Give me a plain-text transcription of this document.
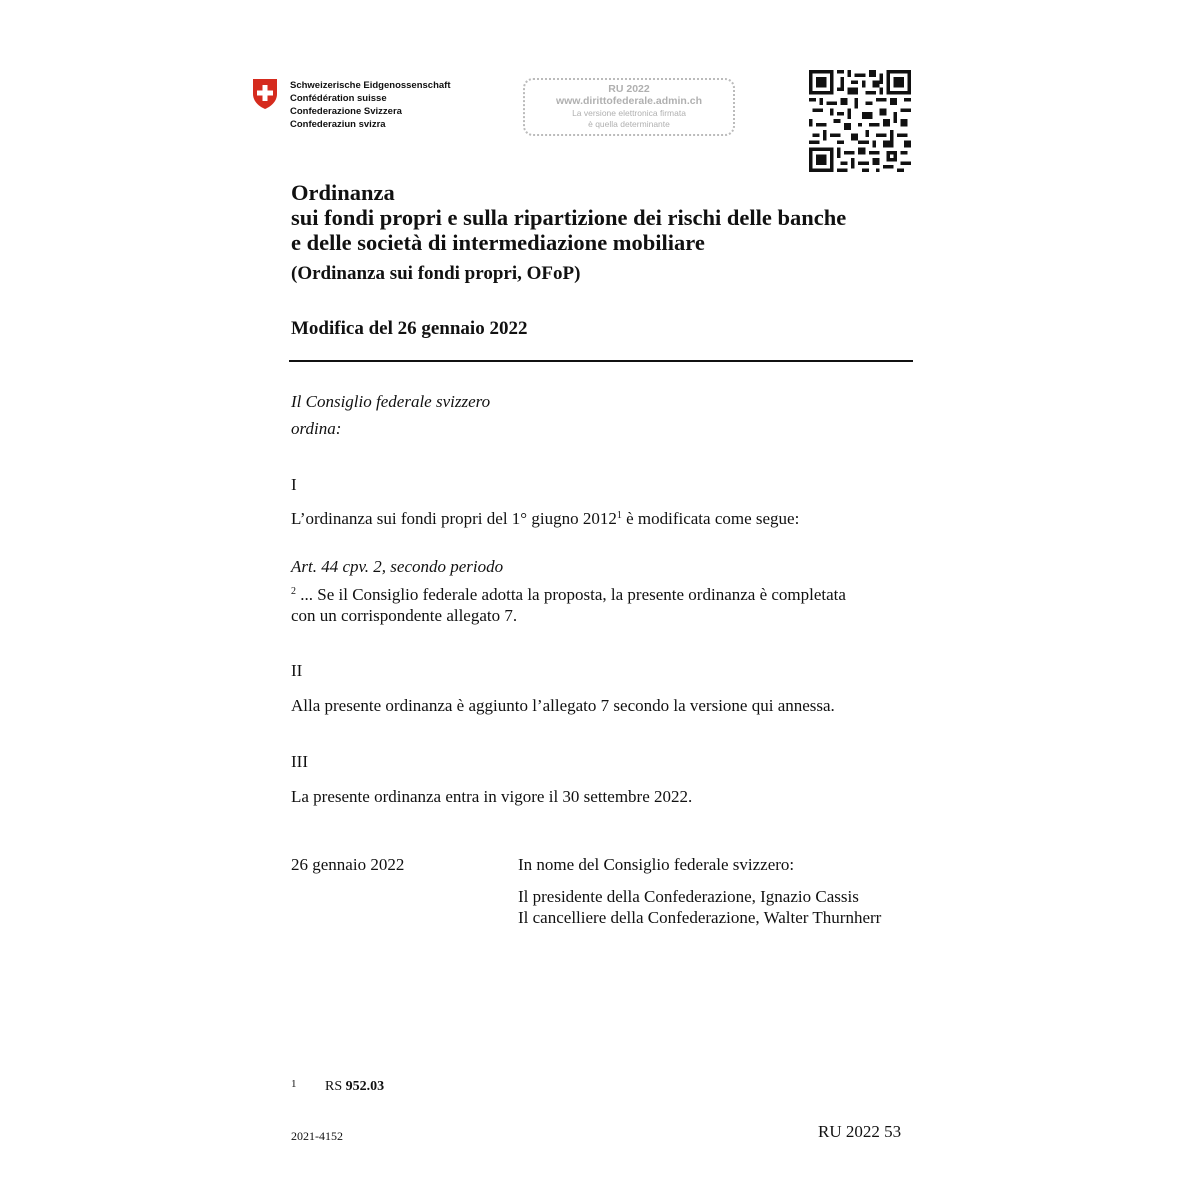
Schweizerische Eidgenossenschaft
Confédération suisse
Confederazione Svizzera
Confederaziun svizra
RU 2022
www.dirittofederale.admin.ch
La versione elettronica firmata
è quella determinante
Ordinanza
sui fondi propri e sulla ripartizione dei rischi delle banche
e delle società di intermediazione mobiliare
(Ordinanza sui fondi propri, OFoP)
Modifica del 26 gennaio 2022
Il Consiglio federale svizzero
ordina:
I
L’ordinanza sui fondi propri del 1° giugno 2012$^1$ è modificata come segue:
Art. 44 cpv. 2, secondo periodo
$^2$ ... Se il Consiglio federale adotta la proposta, la presente ordinanza è completata
con un corrispondente allegato 7.
II
Alla presente ordinanza è aggiunto l’allegato 7 secondo la versione qui annessa.
III
La presente ordinanza entra in vigore il 30 settembre 2022.
26 gennaio 2022	In nome del Consiglio federale svizzero:
Il presidente della Confederazione, Ignazio Cassis
Il cancelliere della Confederazione, Walter Thurnherr
1 RS 952.03
2021-4152	RU 2022 53
